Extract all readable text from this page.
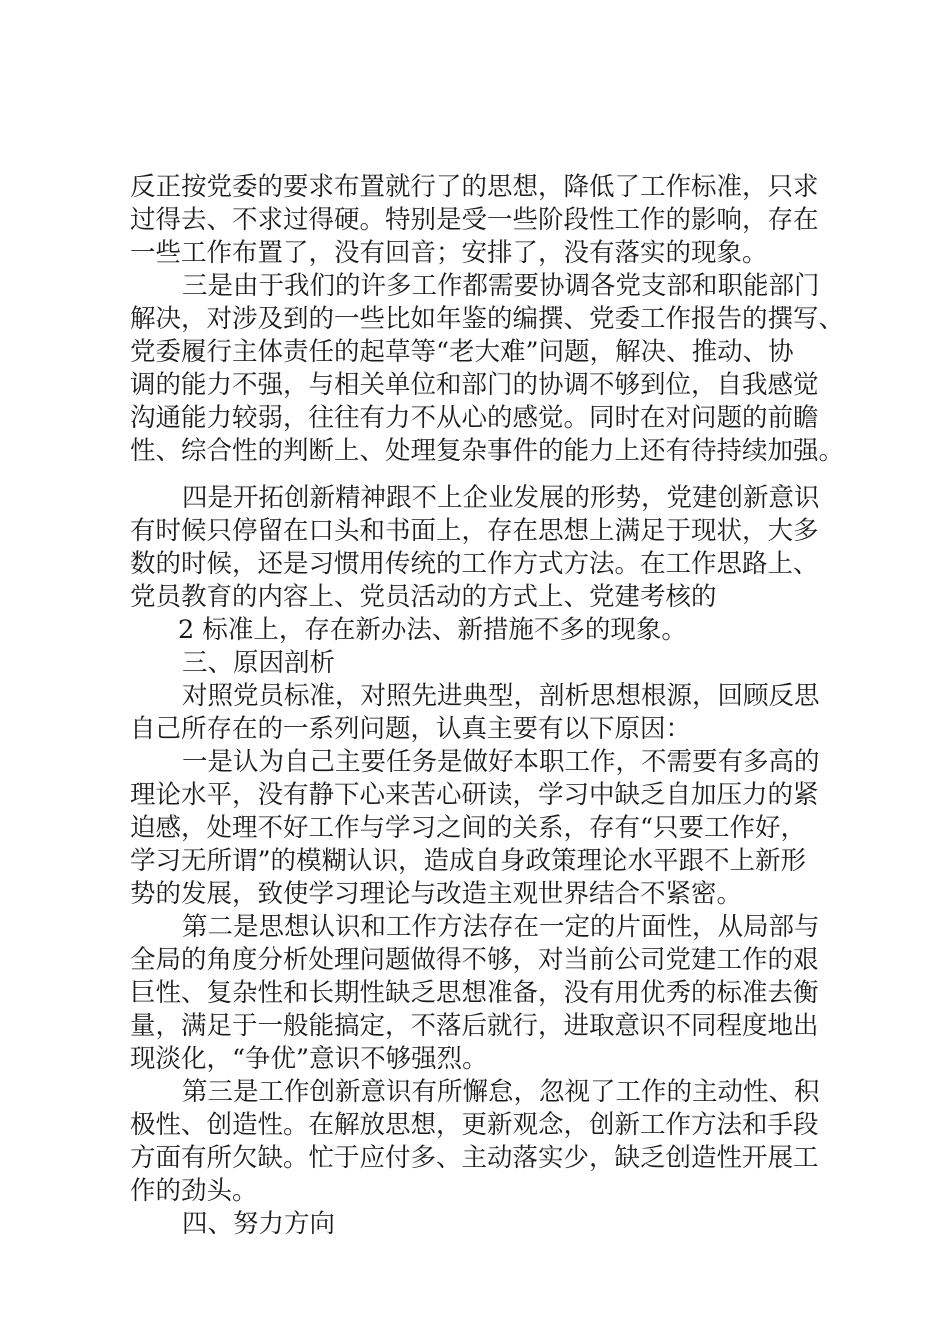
反正按党委的要求布置就行了的思想，降低了工作标准，只求
过得去、不求过得硬。特别是受一些阶段性工作的影响，存在
一些工作布置了，没有回音；安排了，没有落实的现象。
三是由于我们的许多工作都需要协调各党支部和职能部门
解决，对涉及到的一些比如年鉴的编撰、党委工作报告的撰写、
党委履行主体责任的起草等“老大难”问题，解决、推动、协
调的能力不强，与相关单位和部门的协调不够到位，自我感觉
沟通能力较弱，往往有力不从心的感觉。同时在对问题的前瞻
性、综合性的判断上、处理复杂事件的能力上还有待持续加强。
四是开拓创新精神跟不上企业发展的形势，党建创新意识
有时候只停留在口头和书面上，存在思想上满足于现状，大多
数的时候，还是习惯用传统的工作方式方法。在工作思路上、
党员教育的内容上、党员活动的方式上、党建考核的
2 标准上，存在新办法、新措施不多的现象。
三、原因剖析
对照党员标准，对照先进典型，剖析思想根源，回顾反思
自己所存在的一系列问题，认真主要有以下原因：
一是认为自己主要任务是做好本职工作，不需要有多高的
理论水平，没有静下心来苦心研读，学习中缺乏自加压力的紧
迫感，处理不好工作与学习之间的关系，存有“只要工作好，
学习无所谓”的模糊认识，造成自身政策理论水平跟不上新形
势的发展，致使学习理论与改造主观世界结合不紧密。
第二是思想认识和工作方法存在一定的片面性，从局部与
全局的角度分析处理问题做得不够，对当前公司党建工作的艰
巨性、复杂性和长期性缺乏思想准备，没有用优秀的标准去衡
量，满足于一般能搞定，不落后就行，进取意识不同程度地出
现淡化，“争优”意识不够强烈。
第三是工作创新意识有所懈怠，忽视了工作的主动性、积
极性、创造性。在解放思想，更新观念，创新工作方法和手段
方面有所欠缺。忙于应付多、主动落实少，缺乏创造性开展工
作的劲头。
四、努力方向
